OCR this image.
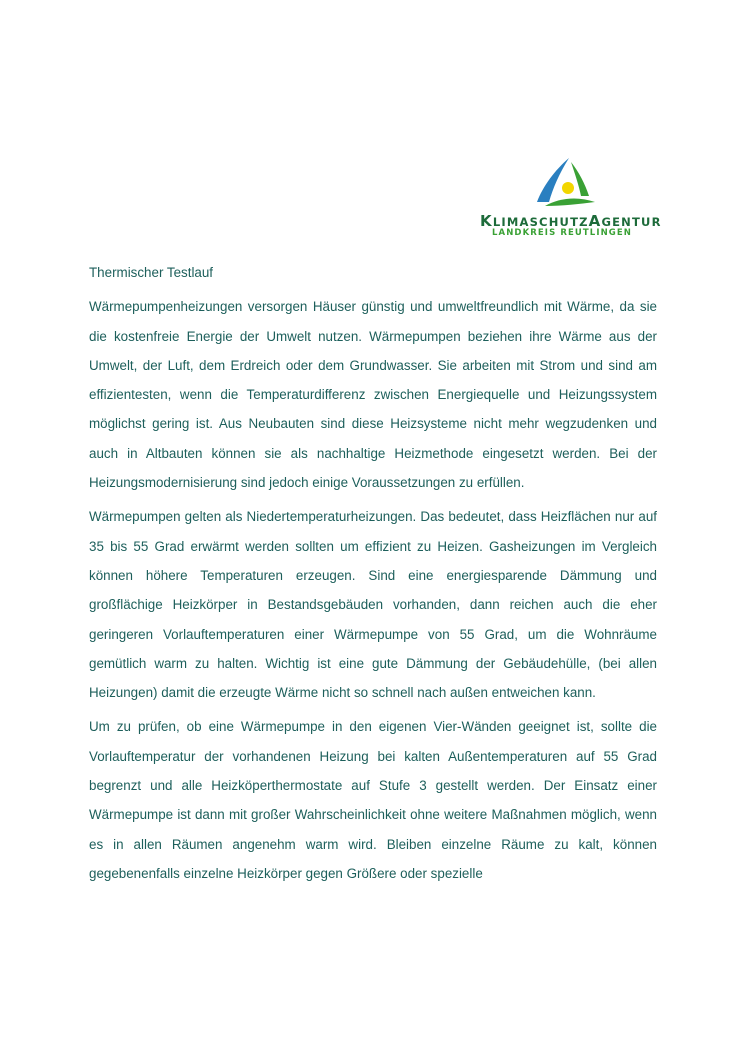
KLIMASCHUTZAGENTUR
LANDKREIS REUTLINGEN

Thermischer Testlauf

Wärmepumpenheizungen versorgen Häuser günstig und umweltfreundlich mit Wärme, da sie die kostenfreie Energie der Umwelt nutzen. Wärmepumpen beziehen ihre Wärme aus der Umwelt, der Luft, dem Erdreich oder dem Grundwasser. Sie arbeiten mit Strom und sind am effizientesten, wenn die Temperaturdifferenz zwischen Energiequelle und Heizungssystem möglichst gering ist. Aus Neubauten sind diese Heizsysteme nicht mehr wegzudenken und auch in Altbauten können sie als nachhaltige Heizmethode eingesetzt werden. Bei der Heizungsmodernisierung sind jedoch einige Voraussetzungen zu erfüllen.

Wärmepumpen gelten als Niedertemperaturheizungen. Das bedeutet, dass Heizflächen nur auf 35 bis 55 Grad erwärmt werden sollten um effizient zu Heizen. Gasheizungen im Vergleich können höhere Temperaturen erzeugen. Sind eine energiesparende Dämmung und großflächige Heizkörper in Bestandsgebäuden vorhanden, dann reichen auch die eher geringeren Vorlauftemperaturen einer Wärmepumpe von 55 Grad, um die Wohnräume gemütlich warm zu halten. Wichtig ist eine gute Dämmung der Gebäudehülle, (bei allen Heizungen) damit die erzeugte Wärme nicht so schnell nach außen entweichen kann.

Um zu prüfen, ob eine Wärmepumpe in den eigenen Vier-Wänden geeignet ist, sollte die Vorlauftemperatur der vorhandenen Heizung bei kalten Außentemperaturen auf 55 Grad begrenzt und alle Heizköperthermostate auf Stufe 3 gestellt werden. Der Einsatz einer Wärmepumpe ist dann mit großer Wahrscheinlichkeit ohne weitere Maßnahmen möglich, wenn es in allen Räumen angenehm warm wird. Bleiben einzelne Räume zu kalt, können gegebenenfalls einzelne Heizkörper gegen Größere oder spezielle
